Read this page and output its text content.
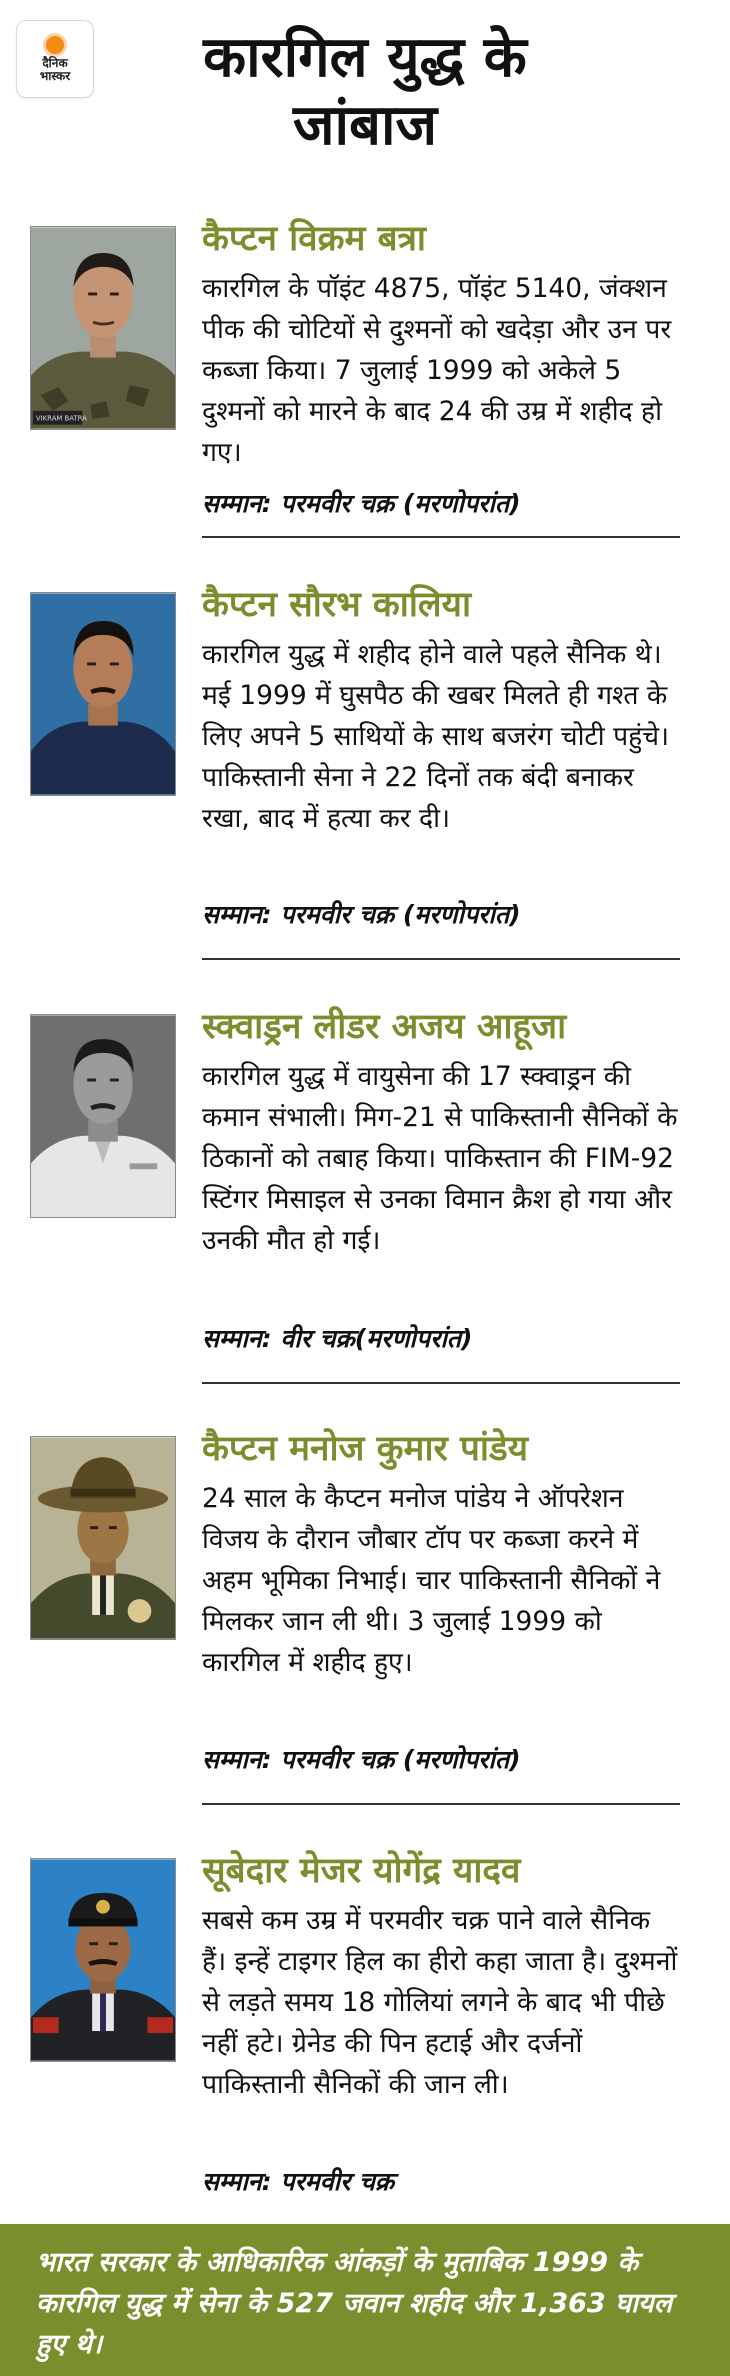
दैनिक
भास्कर	कारगिल युद्ध के
जांबाज
VIKRAM BATRA
कैप्टन विक्रम बत्रा
कारगिल के पॉइंट 4875, पॉइंट 5140, जंक्शन पीक की चोटियों से दुश्मनों को खदेड़ा और उन पर कब्जा किया। 7 जुलाई 1999 को अकेले 5 दुश्मनों को मारने के बाद 24 की उम्र में शहीद हो गए।
सम्मान: परमवीर चक्र (मरणोपरांत)
कैप्टन सौरभ कालिया
कारगिल युद्ध में शहीद होने वाले पहले सैनिक थे। मई 1999 में घुसपैठ की खबर मिलते ही गश्त के लिए अपने 5 साथियों के साथ बजरंग चोटी पहुंचे। पाकिस्तानी सेना ने 22 दिनों तक बंदी बनाकर रखा, बाद में हत्या कर दी।
सम्मान: परमवीर चक्र (मरणोपरांत)
स्क्वाड्रन लीडर अजय आहूजा
कारगिल युद्ध में वायुसेना की 17 स्क्वाड्रन की कमान संभाली। मिग-21 से पाकिस्तानी सैनिकों के ठिकानों को तबाह किया। पाकिस्तान की FIM-92 स्टिंगर मिसाइल से उनका विमान क्रैश हो गया और उनकी मौत हो गई।
सम्मान: वीर चक्र(मरणोपरांत)
कैप्टन मनोज कुमार पांडेय
24 साल के कैप्टन मनोज पांडेय ने ऑपरेशन विजय के दौरान जौबार टॉप पर कब्जा करने में अहम भूमिका निभाई। चार पाकिस्तानी सैनिकों ने मिलकर जान ली थी। 3 जुलाई 1999 को कारगिल में शहीद हुए।
सम्मान: परमवीर चक्र (मरणोपरांत)
सूबेदार मेजर योगेंद्र यादव
सबसे कम उम्र में परमवीर चक्र पाने वाले सैनिक हैं। इन्हें टाइगर हिल का हीरो कहा जाता है। दुश्मनों से लड़ते समय 18 गोलियां लगने के बाद भी पीछे नहीं हटे। ग्रेनेड की पिन हटाई और दर्जनों पाकिस्तानी सैनिकों की जान ली।
सम्मान: परमवीर चक्र
भारत सरकार के आधिकारिक आंकड़ों के मुताबिक 1999 के कारगिल युद्ध में सेना के 527 जवान शहीद और 1,363 घायल हुए थे।
